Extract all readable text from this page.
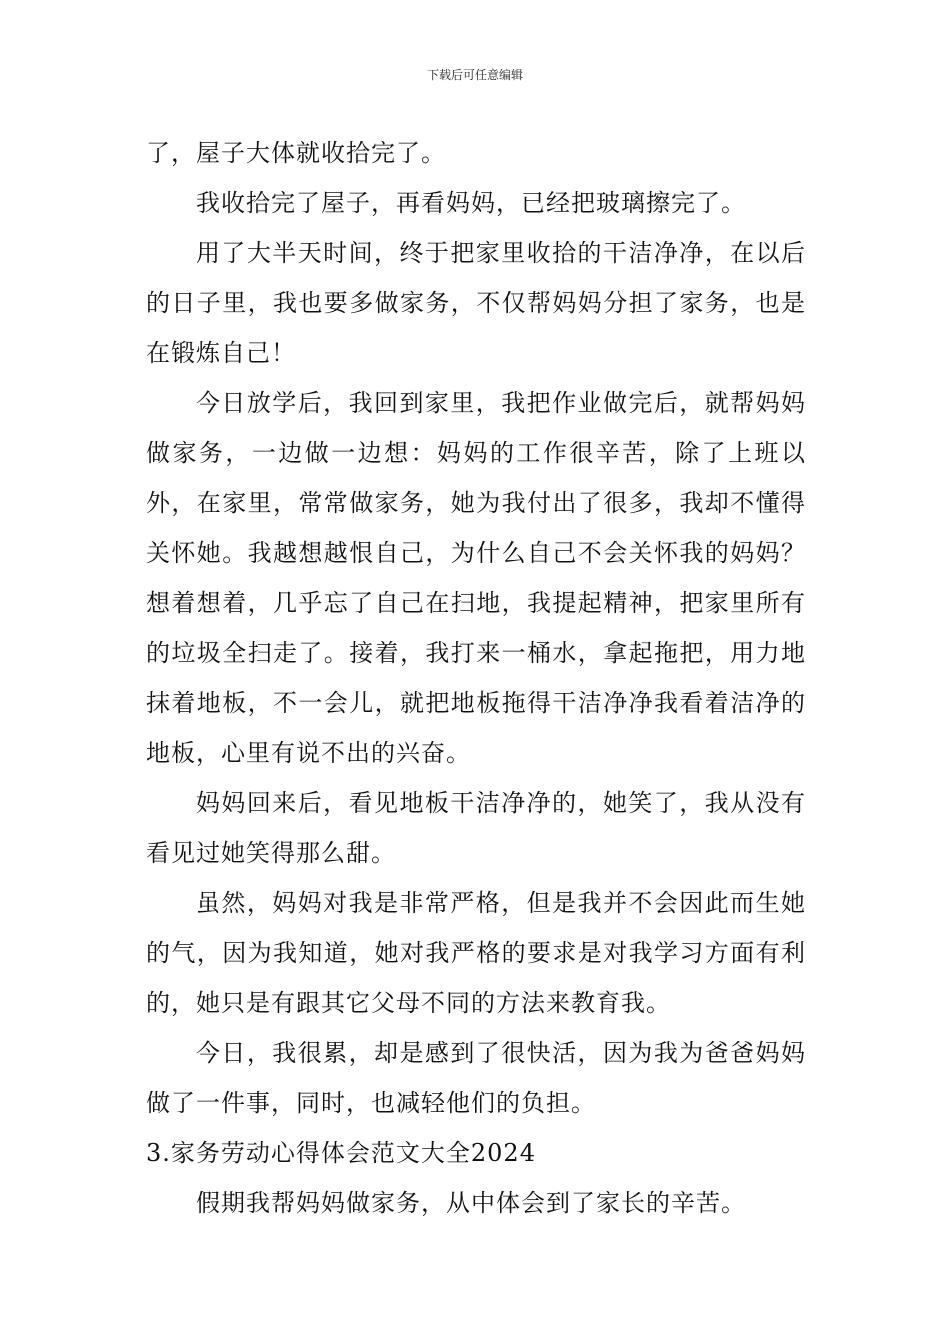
下载后可任意编辑

了，屋子大体就收拾完了。

我收拾完了屋子，再看妈妈，已经把玻璃擦完了。

用了大半天时间，终于把家里收拾的干洁净净，在以后的日子里，我也要多做家务，不仅帮妈妈分担了家务，也是在锻炼自己！

今日放学后，我回到家里，我把作业做完后，就帮妈妈做家务，一边做一边想：妈妈的工作很辛苦，除了上班以外，在家里，常常做家务，她为我付出了很多，我却不懂得关怀她。我越想越恨自己，为什么自己不会关怀我的妈妈？想着想着，几乎忘了自己在扫地，我提起精神，把家里所有的垃圾全扫走了。接着，我打来一桶水，拿起拖把，用力地抹着地板，不一会儿，就把地板拖得干洁净净我看着洁净的地板，心里有说不出的兴奋。

妈妈回来后，看见地板干洁净净的，她笑了，我从没有看见过她笑得那么甜。

虽然，妈妈对我是非常严格，但是我并不会因此而生她的气，因为我知道，她对我严格的要求是对我学习方面有利的，她只是有跟其它父母不同的方法来教育我。

今日，我很累，却是感到了很快活，因为我为爸爸妈妈做了一件事，同时，也减轻他们的负担。

3.家务劳动心得体会范文大全2024

假期我帮妈妈做家务，从中体会到了家长的辛苦。
